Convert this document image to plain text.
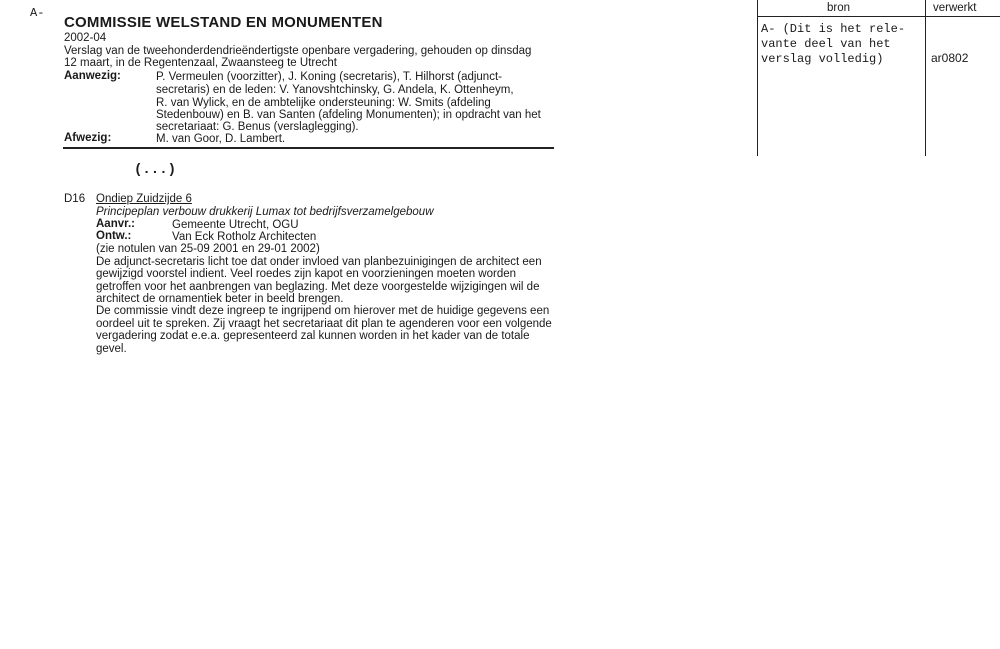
A-
COMMISSIE WELSTAND EN MONUMENTEN
2002-04
Verslag van de tweehonderdendrieëndertigste openbare vergadering, gehouden op dinsdag
12 maart, in de Regentenzaal, Zwaansteeg te Utrecht
Aanwezig:	P. Vermeulen (voorzitter), J. Koning (secretaris), T. Hilhorst (adjunct-
secretaris) en de leden: V. Yanovshtchinsky, G. Andela, K. Ottenheym,
R. van Wylick, en de ambtelijke ondersteuning: W. Smits (afdeling
Stedenbouw) en B. van Santen (afdeling Monumenten); in opdracht van het
secretariaat: G. Benus (verslaglegging).
Afwezig:	M. van Goor, D. Lambert.
(...)
D16 Ondiep Zuidzijde 6
Principeplan verbouw drukkerij Lumax tot bedrijfsverzamelgebouw
Aanvr.:	Gemeente Utrecht, OGU
Ontw.:	Van Eck Rotholz Architecten
(zie notulen van 25-09 2001 en 29-01 2002)
De adjunct-secretaris licht toe dat onder invloed van planbezuinigingen de architect een
gewijzigd voorstel indient. Veel roedes zijn kapot en voorzieningen moeten worden
getroffen voor het aanbrengen van beglazing. Met deze voorgestelde wijzigingen wil de
architect de ornamentiek beter in beeld brengen.
De commissie vindt deze ingreep te ingrijpend om hierover met de huidige gegevens een
oordeel uit te spreken. Zij vraagt het secretariaat dit plan te agenderen voor een volgende
vergadering zodat e.e.a. gepresenteerd zal kunnen worden in het kader van de totale
gevel.
bron	verwerkt
A- (Dit is het rele-
vante deel van het
verslag volledig)	ar0802
